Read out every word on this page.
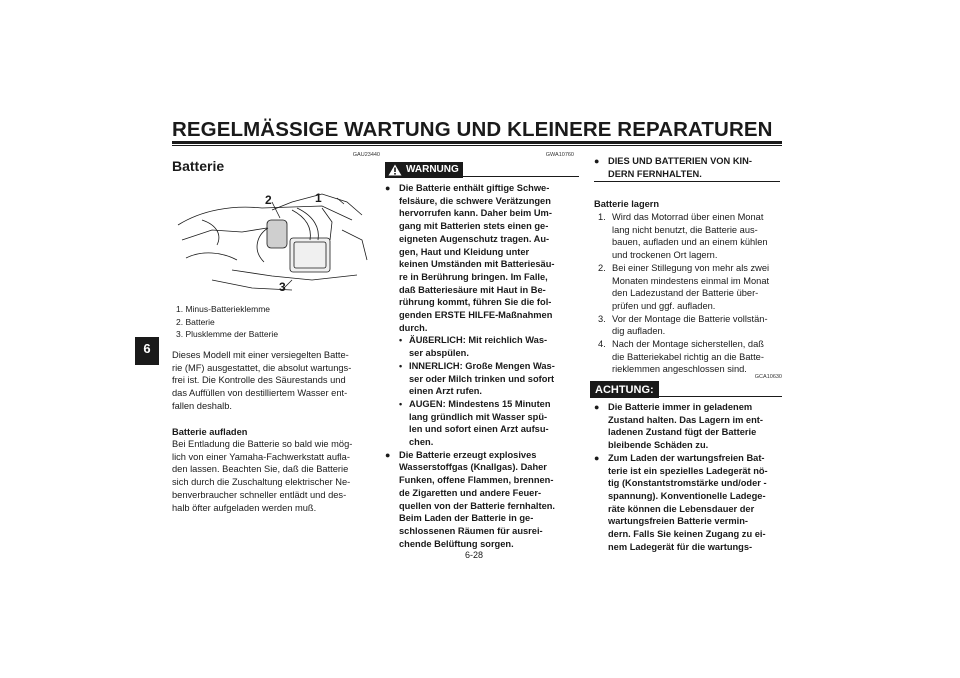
REGELMÄSSIGE WARTUNG UND KLEINERE REPARATUREN
6
GAU23440
Batterie
2	1
3
1. Minus-Batterieklemme
2. Batterie
3. Plusklemme der Batterie
Dieses Modell mit einer versiegelten Batte-
rie (MF) ausgestattet, die absolut wartungs-
frei ist. Die Kontrolle des Säurestands und
das Auffüllen von destilliertem Wasser ent-
fallen deshalb.
Batterie aufladen
Bei Entladung die Batterie so bald wie mög-
lich von einer Yamaha-Fachwerkstatt aufla-
den lassen. Beachten Sie, daß die Batterie
sich durch die Zuschaltung elektrischer Ne-
benverbraucher schneller entlädt und des-
halb öfter aufgeladen werden muß.
GWA10760
WARNUNG
● Die Batterie enthält giftige Schwe-
felsäure, die schwere Verätzungen
hervorrufen kann. Daher beim Um-
gang mit Batterien stets einen ge-
eigneten Augenschutz tragen. Au-
gen, Haut und Kleidung unter
keinen Umständen mit Batteriesäu-
re in Berührung bringen. Im Falle,
daß Batteriesäure mit Haut in Be-
rührung kommt, führen Sie die fol-
genden ERSTE HILFE-Maßnahmen
durch.
• ÄUßERLICH: Mit reichlich Was-
ser abspülen.
• INNERLICH: Große Mengen Was-
ser oder Milch trinken und sofort
einen Arzt rufen.
• AUGEN: Mindestens 15 Minuten
lang gründlich mit Wasser spü-
len und sofort einen Arzt aufsu-
chen.
● Die Batterie erzeugt explosives
Wasserstoffgas (Knallgas). Daher
Funken, offene Flammen, brennen-
de Zigaretten und andere Feuer-
quellen von der Batterie fernhalten.
Beim Laden der Batterie in ge-
schlossenen Räumen für ausrei-
chende Belüftung sorgen.
● DIES UND BATTERIEN VON KIN-
DERN FERNHALTEN.
Batterie lagern
1. Wird das Motorrad über einen Monat
lang nicht benutzt, die Batterie aus-
bauen, aufladen und an einem kühlen
und trockenen Ort lagern.
2. Bei einer Stillegung von mehr als zwei
Monaten mindestens einmal im Monat
den Ladezustand der Batterie über-
prüfen und ggf. aufladen.
3. Vor der Montage die Batterie vollstän-
dig aufladen.
4. Nach der Montage sicherstellen, daß
die Batteriekabel richtig an die Batte-
rieklemmen angeschlossen sind.
GCA10630
ACHTUNG:
● Die Batterie immer in geladenem
Zustand halten. Das Lagern im ent-
ladenen Zustand fügt der Batterie
bleibende Schäden zu.
● Zum Laden der wartungsfreien Bat-
terie ist ein spezielles Ladegerät nö-
tig (Konstantstromstärke und/oder -
spannung). Konventionelle Ladege-
räte können die Lebensdauer der
wartungsfreien Batterie vermin-
dern. Falls Sie keinen Zugang zu ei-
nem Ladegerät für die wartungs-
6-28
